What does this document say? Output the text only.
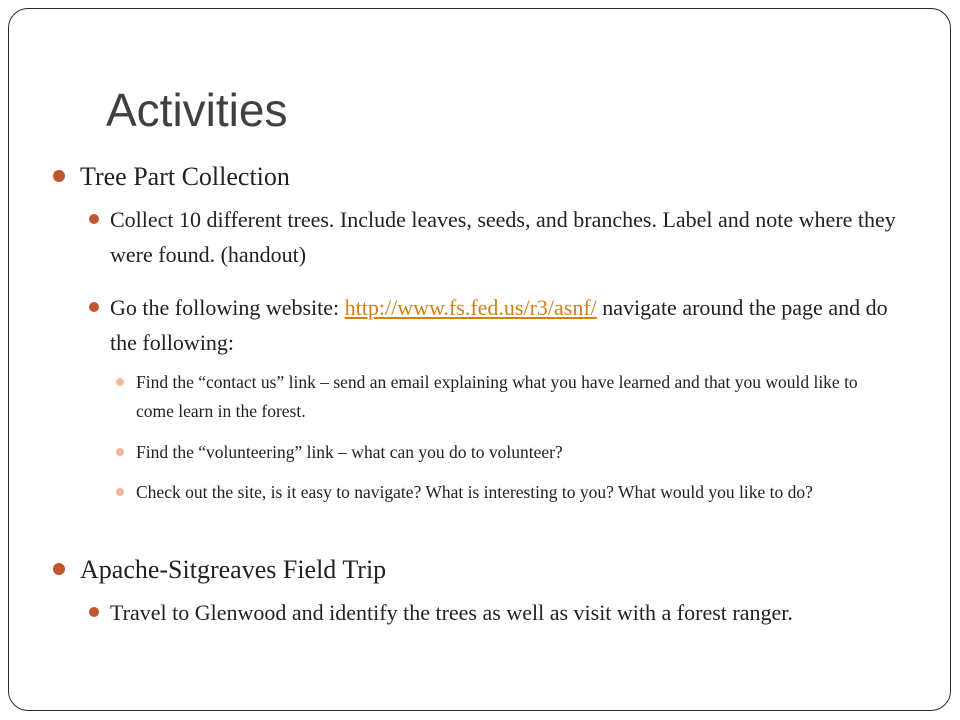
Activities
Tree Part Collection
Collect 10 different trees. Include leaves, seeds, and branches. Label and note where they were found. (handout)
Go the following website: http://www.fs.fed.us/r3/asnf/ navigate around the page and do the following:
Find the “contact us” link – send an email explaining what you have learned and that you would like to come learn in the forest.
Find the “volunteering” link – what can you do to volunteer?
Check out the site, is it easy to navigate? What is interesting to you? What would you like to do?
Apache-Sitgreaves Field Trip
Travel to Glenwood and identify the trees as well as visit with a forest ranger.
